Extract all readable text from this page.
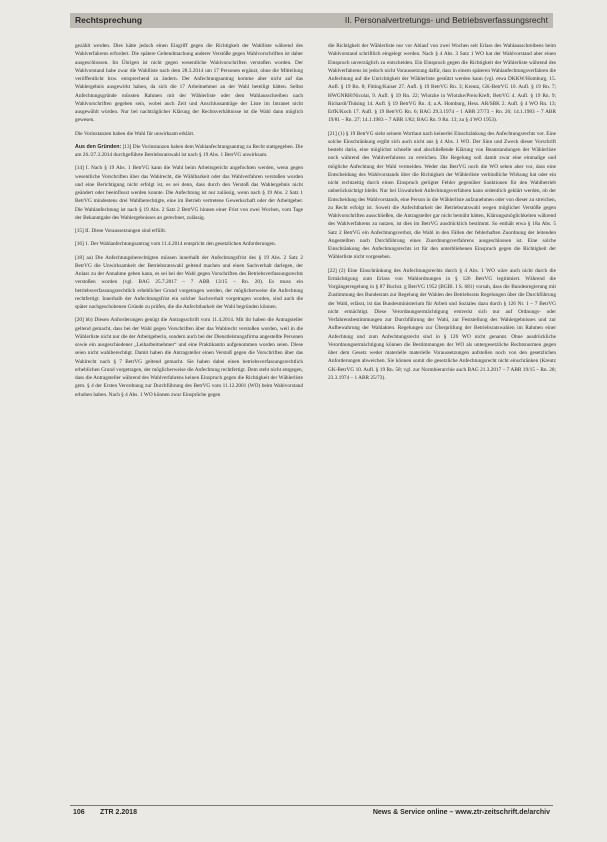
Rechtsprechung	II. Personalvertretungs- und Betriebsverfassungsrecht

gezählt werden. Dies hätte jedoch einen Eingriff gegen die Richtigkeit der Wahlliste während des Wahlverfahrens erfordert. Die spätere Geltendmachung anderer Verstöße gegen Wahlvorschriften ist daher ausgeschlossen. Im Übrigen ist nicht gegen wesentliche Wahlvorschriften verstoßen worden. Der Wahlvorstand habe zwar die Wahlliste nach dem 28.3.2014 um 17 Personen ergänzt, ohne die Mitteilung veröffentlicht bzw. entsprechend zu ändern. Der Anfechtungsantrag komme aber nicht auf das Wahlergebnis ausgewirkt haben, da sich die 17 Arbeitnehmer an der Wahl beteiligt hätten. Selbst Anfechtungsgründe müssten Rahmen mit der Wählerliste oder dem Wahlausschreiben nach Wahlvorschriften gegeben sein, wobei auch Zeit und Anschlussanträge der Liste im Intranet nicht ausgewählt würden. Nur bei nachträglicher Klärung der Rechtsverhältnisse ist die Wahl dann möglich gewesen.

Die Vorinstanzen haben die Wahl für unwirksam erklärt.

Aus den Gründen: [13] Die Vorinstanzen haben dem Wahlanfechtungsantrag zu Recht stattgegeben. Die am 26./27.3.2014 durchgeführte Betriebsratswahl ist nach § 19 Abs. 1 BetrVG unwirksam.

[14] I. Nach § 19 Abs. 1 BetrVG kann die Wahl beim Arbeitsgericht angefochten werden, wenn gegen wesentliche Vorschriften über das Wahlrecht, die Wählbarkeit oder das Wahlverfahren verstoßen worden und eine Berichtigung nicht erfolgt ist, es sei denn, dass durch den Verstoß das Wahlergebnis nicht geändert oder beeinflusst werden konnte. Die Anfechtung ist nur zulässig, wenn nach § 19 Abs. 2 Satz 1 BetrVG mindestens drei Wahlberechtigte, eine im Betrieb vertretene Gewerkschaft oder der Arbeitgeber. Die Wahlanfechtung ist nach § 19 Abs. 2 Satz 2 BetrVG binnen einer Frist von zwei Wochen, vom Tage der Bekanntgabe des Wahlergebnisses an gerechnet, zulässig.

[15] II. Diese Voraussetzungen sind erfüllt.

[16] 1. Der Wahlanfechtungsantrag vom 11.4.2014 entspricht den gesetzlichen Anforderungen.

[18] aa) Die Anfechtungsberechtigten müssen innerhalb der Anfechtungsfrist des § 19 Abs. 2 Satz 2 BetrVG die Unwirksamkeit der Betriebsratswahl geltend machen und einen Sachverhalt darlegen, der Anlass zu der Annahme geben kann, es sei bei der Wahl gegen Vorschriften des Betriebsverfassungsrechts verstoßen worden (vgl. BAG 25.7.2017 – 7 ABR 13/15 – Rn. 20). Es muss ein betriebsverfassungsrechtlich erheblicher Grund vorgetragen werden, der möglicherweise die Anfechtung rechtfertigt. Innerhalb der Anfechtungsfrist ein solcher Sachverhalt vorgetragen worden, sind auch die später nachgeschobenen Gründe zu prüfen, die die Anfechtbarkeit der Wahl begründen können.

[20] bb) Diesen Anforderungen genügt die Antragsschrift vom 11.4.2014. Mit ihr haben die Antragsteller geltend gemacht, dass bei der Wahl gegen Vorschriften über das Wahlrecht verstoßen worden, weil in die Wählerliste nicht nur die der Arbeitgeberin, sondern auch bei der Dienstleistungsfirma angestellte Personen sowie ein ausgeschiedener „Leiharbeitnehmer“ und eine Praktikantin aufgenommen worden seien. Diese seien nicht wahlberechtigt. Damit haben die Antragsteller einen Verstoß gegen die Vorschriften über das Wahlrecht nach § 7 BetrVG geltend gemacht. Sie haben dabei einen betriebsverfassungsrechtlich erheblichen Grund vorgetragen, der möglicherweise die Anfechtung rechtfertigt. Dem steht nicht entgegen, dass die Antragsteller während des Wahlverfahrens keinen Einspruch gegen die Richtigkeit der Wählerliste gem. § 4 der Ersten Verordnung zur Durchführung des BetrVG vom 11.12.2001 (WO) beim Wahlvorstand erhoben haben. Nach § 4 Abs. 1 WO können zwar Einsprüche gegen

die Richtigkeit der Wählerliste nur vor Ablauf von zwei Wochen seit Erlass des Wahlausschreibens beim Wahlvorstand schriftlich eingelegt werden. Nach § 4 Abs. 3 Satz 1 WO hat der Wahlvorstand aber einen Einspruch unverzüglich zu entscheiden. Ein Einspruch gegen die Richtigkeit der Wählerliste während des Wahlverfahrens ist jedoch nicht Voraussetzung dafür, dass in einem späteren Wahlanfechtungsverfahren die Anfechtung auf die Unrichtigkeit der Wählerliste gestützt werden kann (vgl. etwa DKKW/Homburg, 15. Aufl. § 19 Rn. 8; Fitting/Kaiser 27. Aufl. § 19 BetrVG Rn. 3; Kreutz, GK-BetrVG 10. Aufl. § 19 Rn. 7; HWGNRH/Nicolai, 9. Aufl. § 19 Rn. 22; Wlotzke in Wlotzke/Preis/Kreft, BetrVG 4. Aufl. § 19 Rn. 9; Richardi/Thüsing 14. Aufl. § 19 BetrVG Rn. 4; a.A. Homburg, Hess. AR/SBK 2. Aufl. § 4 WO Rn. 13; ErfK/Koch 17. Aufl. § 19 BetrVG Rn. 6; BAG 29.3.1974 – 1 ABR 27/73 – Rn. 26; 14.1.1983 – 7 ABR 19/81 – Rn. 27; 14.1.1983 – 7 ABR 1/82; BAG Rn. 9 Rn. 13; zu § 4 WO 1953).

[21] (1) § 19 BetrVG sieht seinem Wortlaut nach keinerlei Einschränkung des Anfechtungsrechts vor. Eine solche Einschränkung ergibt sich auch nicht aus § 4 Abs. 1 WO. Der Sinn und Zweck dieser Vorschrift besteht darin, eine möglichst schnelle und abschließende Klärung von Beanstandungen der Wählerliste noch während des Wahlverfahrens zu erreichen. Die Regelung soll damit zwar eine einmalige und mögliche Anfechtung der Wahl vermeiden. Weder das BetrVG noch die WO sehen aber vor, dass eine Entscheidung des Wahlvorstands über die Richtigkeit der Wählerliste verbindliche Wirkung hat oder ein nicht rechtzeitig durch einen Einspruch gerügter Fehler gegenüber Sanktionen für den Wahlbetrieb unberücksichtigt bleibt. Nur bei Unwahrheit Anfechtungsverfahren kann ordentlich geklärt werden, ob der Entscheidung des Wahlvorstands, eine Person in die Wählerliste aufzunehmen oder von dieser zu streichen, zu Recht erfolgt ist. Soweit die Anfechtbarkeit der Betriebsratswahl wegen möglicher Verstöße gegen Wahlvorschriften ausschließen, die Antragsteller gar nicht bemüht hätten, Klärungsmöglichkeiten während des Wahlverfahrens zu nutzen, ist dies im BetrVG ausdrücklich bestimmt. So enthält etwa § 18a Abs. 5 Satz 2 BetrVG ein Anfechtungsverbot, die Wahl in den Fällen der fehlerhaften Zuordnung der leitenden Angestellten nach Durchführung eines Zuordnungsverfahrens ausgeschlossen ist. Eine solche Einschränkung des Anfechtungsrechts ist für den unterbliebenen Einspruch gegen die Richtigkeit der Wählerliste nicht vorgesehen.

[22] (2) Eine Einschränkung des Anfechtungsrechts durch § 4 Abs. 1 WO wäre auch nicht durch die Ermächtigung zum Erlass von Wahlordnungen in § 126 BetrVG legitimiert. Während die Vorgängerregelung in § 87 Buchst. g BetrVG 1952 (BGBl. I S. 681) vorsah, dass die Bundesregierung mit Zustimmung des Bundesrats zur Regelung der Wahlen des Betriebsrats Regelungen über die Durchführung der Wahl, erlässt, ist das Bundesministerium für Arbeit und Soziales dazu durch § 126 Nr. 1 – 7 BetrVG nicht ermächtigt. Diese Verordnungsermächtigung erstreckt sich nur auf Ordnungs- oder Verfahrensbestimmungen zur Durchführung der Wahl, zur Feststellung des Wahlergebnisses und zur Aufbewahrung der Wahlakten. Regelungen zur Überprüfung der Betriebsratswahlen im Rahmen einer Anfechtung und zum Anfechtungsrecht sind in § 126 WO nicht genannt. Ohne ausdrückliche Verordnungsermächtigung können die Bestimmungen der WO als untergesetzliche Rechtsnormen gegen über dem Gesetz weder materielle materielle Voraussetzungen aufstellen noch von den gesetzlichen Anforderungen abweichen. Sie können somit die gesetzliche Anfechtungsrecht nicht einschränken (Kreutz GK-BetrVG 10. Aufl. § 19 Rn. 58; vgl. zur Normhierarchie auch BAG 21.3.2017 – 7 ABR 19/15 – Rn. 28; 23.3.1974 – 1 ABR 25/73).

106 ZTR 2.2018	News & Service online – www.ztr-zeitschrift.de/archiv
